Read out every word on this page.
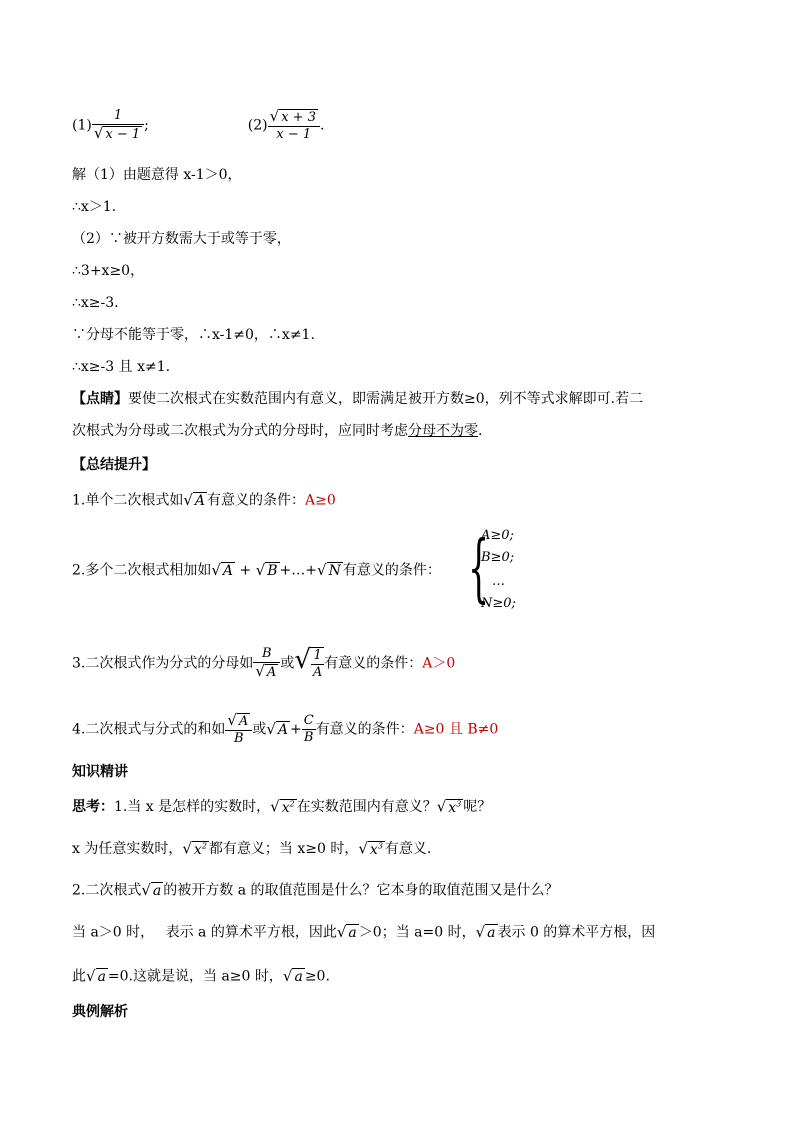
$(1) \frac{1}{√ x - 1}$ ;	$(2) \frac{√ x + 3}{x - 1}$ .
解（1）由题意得 x-1＞0，
∴x＞1.
（2）∵被开方数需大于或等于零，
∴3+x≥0，
∴x≥-3.
∵分母不能等于零，∴x-1≠0，∴x≠1.
∴x≥-3 且 x≠1.
【点睛】要使二次根式在实数范围内有意义，即需满足被开方数≥0，列不等式求解即可.若二
次根式为分母或二次根式为分式的分母时，应同时考虑分母不为零.
【总结提升】
1.单个二次根式如√ A 有意义的条件：A≥0
2.多个二次根式相加如√ A + √ B +…+√ N 有意义的条件： {
A≥0;
B≥0;
…
N≥0;
3.二次根式作为分式的分母如 $\frac{B}{√ A}$ 或√ $\frac{1}{A}$ 有意义的条件：A＞0
4.二次根式与分式的和如 $\frac{√ A}{B}$ 或√ $A + \frac{C}{B}$ 有意义的条件：A≥0 且 B≠0
知识精讲
思考：1.当 x 是怎样的实数时，√ $x^2$ 在实数范围内有意义？√ $x^3$ 呢？
x 为任意实数时，√ $x^2$ 都有意义；当 x≥0 时，√ $x^3$ 有意义.
2.二次根式√ a 的被开方数 a 的取值范围是什么？它本身的取值范围又是什么？
当 a＞0 时，　 表示 a 的算术平方根，因此√ a ＞0；当 a=0 时，√ a 表示 0 的算术平方根，因
此√ a =0.这就是说，当 a≥0 时，√ a ≥0.
典例解析
